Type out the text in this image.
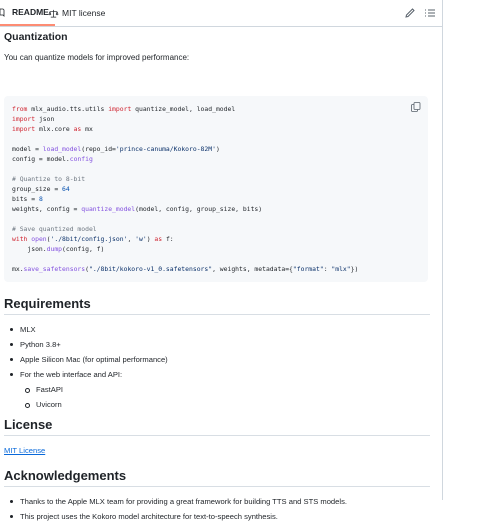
README MIT license
Quantization

You can quantize models for improved performance:

from mlx_audio.tts.utils import quantize_model, load_model
import json
import mlx.core as mx
model = load_model(repo_id='prince-canuma/Kokoro-82M')
config = model.config
# Quantize to 8-bit
group_size = 64
bits = 8
weights, config = quantize_model(model, config, group_size, bits)
# Save quantized model
with open('./8bit/config.json', 'w') as f:
json.dump(config, f)
mx.save_safetensors("./8bit/kokoro-v1_0.safetensors", weights, metadata={"format": "mlx"})
Requirements
MLX
Python 3.8+
Apple Silicon Mac (for optimal performance)
For the web interface and API:
FastAPI
Uvicorn
License
MIT License
Acknowledgements
Thanks to the Apple MLX team for providing a great framework for building TTS and STS models.
This project uses the Kokoro model architecture for text-to-speech synthesis.
